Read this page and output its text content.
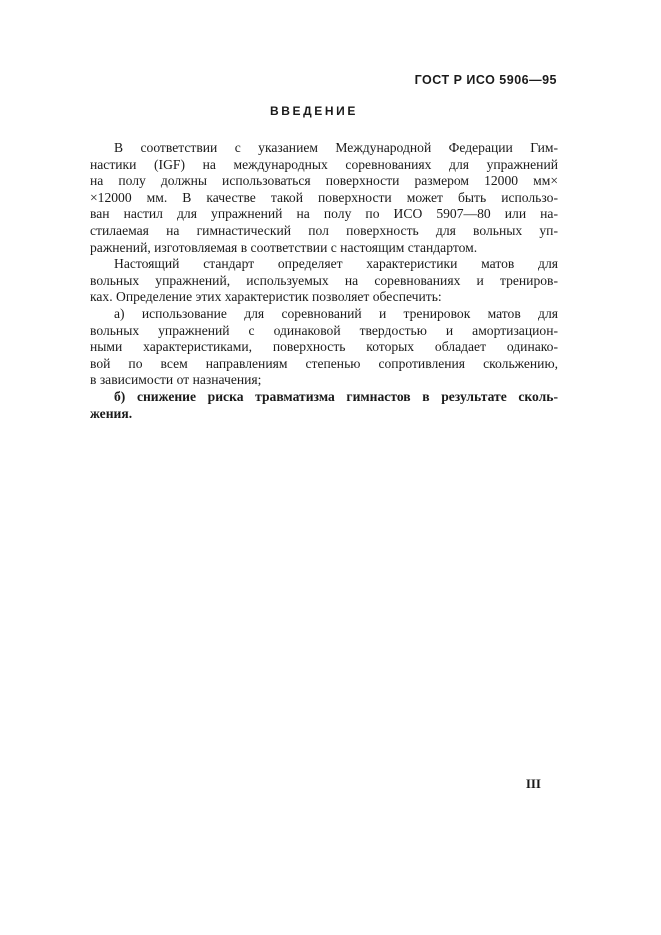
ГОСТ Р ИСО 5906—95
ВВЕДЕНИЕ
В соответствии с указанием Международной Федерации Гим-
настики (IGF) на международных соревнованиях для упражнений
на полу должны использоваться поверхности размером 12000 мм×
×12000 мм. В качестве такой поверхности может быть использо-
ван настил для упражнений на полу по ИСО 5907—80 или на-
стилаемая на гимнастический пол поверхность для вольных уп-
ражнений, изготовляемая в соответствии с настоящим стандартом.
Настоящий стандарт определяет характеристики матов для
вольных упражнений, используемых на соревнованиях и трениров-
ках. Определение этих характеристик позволяет обеспечить:
а) использование для соревнований и тренировок матов для
вольных упражнений с одинаковой твердостью и амортизацион-
ными характеристиками, поверхность которых обладает одинако-
вой по всем направлениям степенью сопротивления скольжению,
в зависимости от назначения;
б) снижение риска травматизма гимнастов в результате сколь-
жения.
III
